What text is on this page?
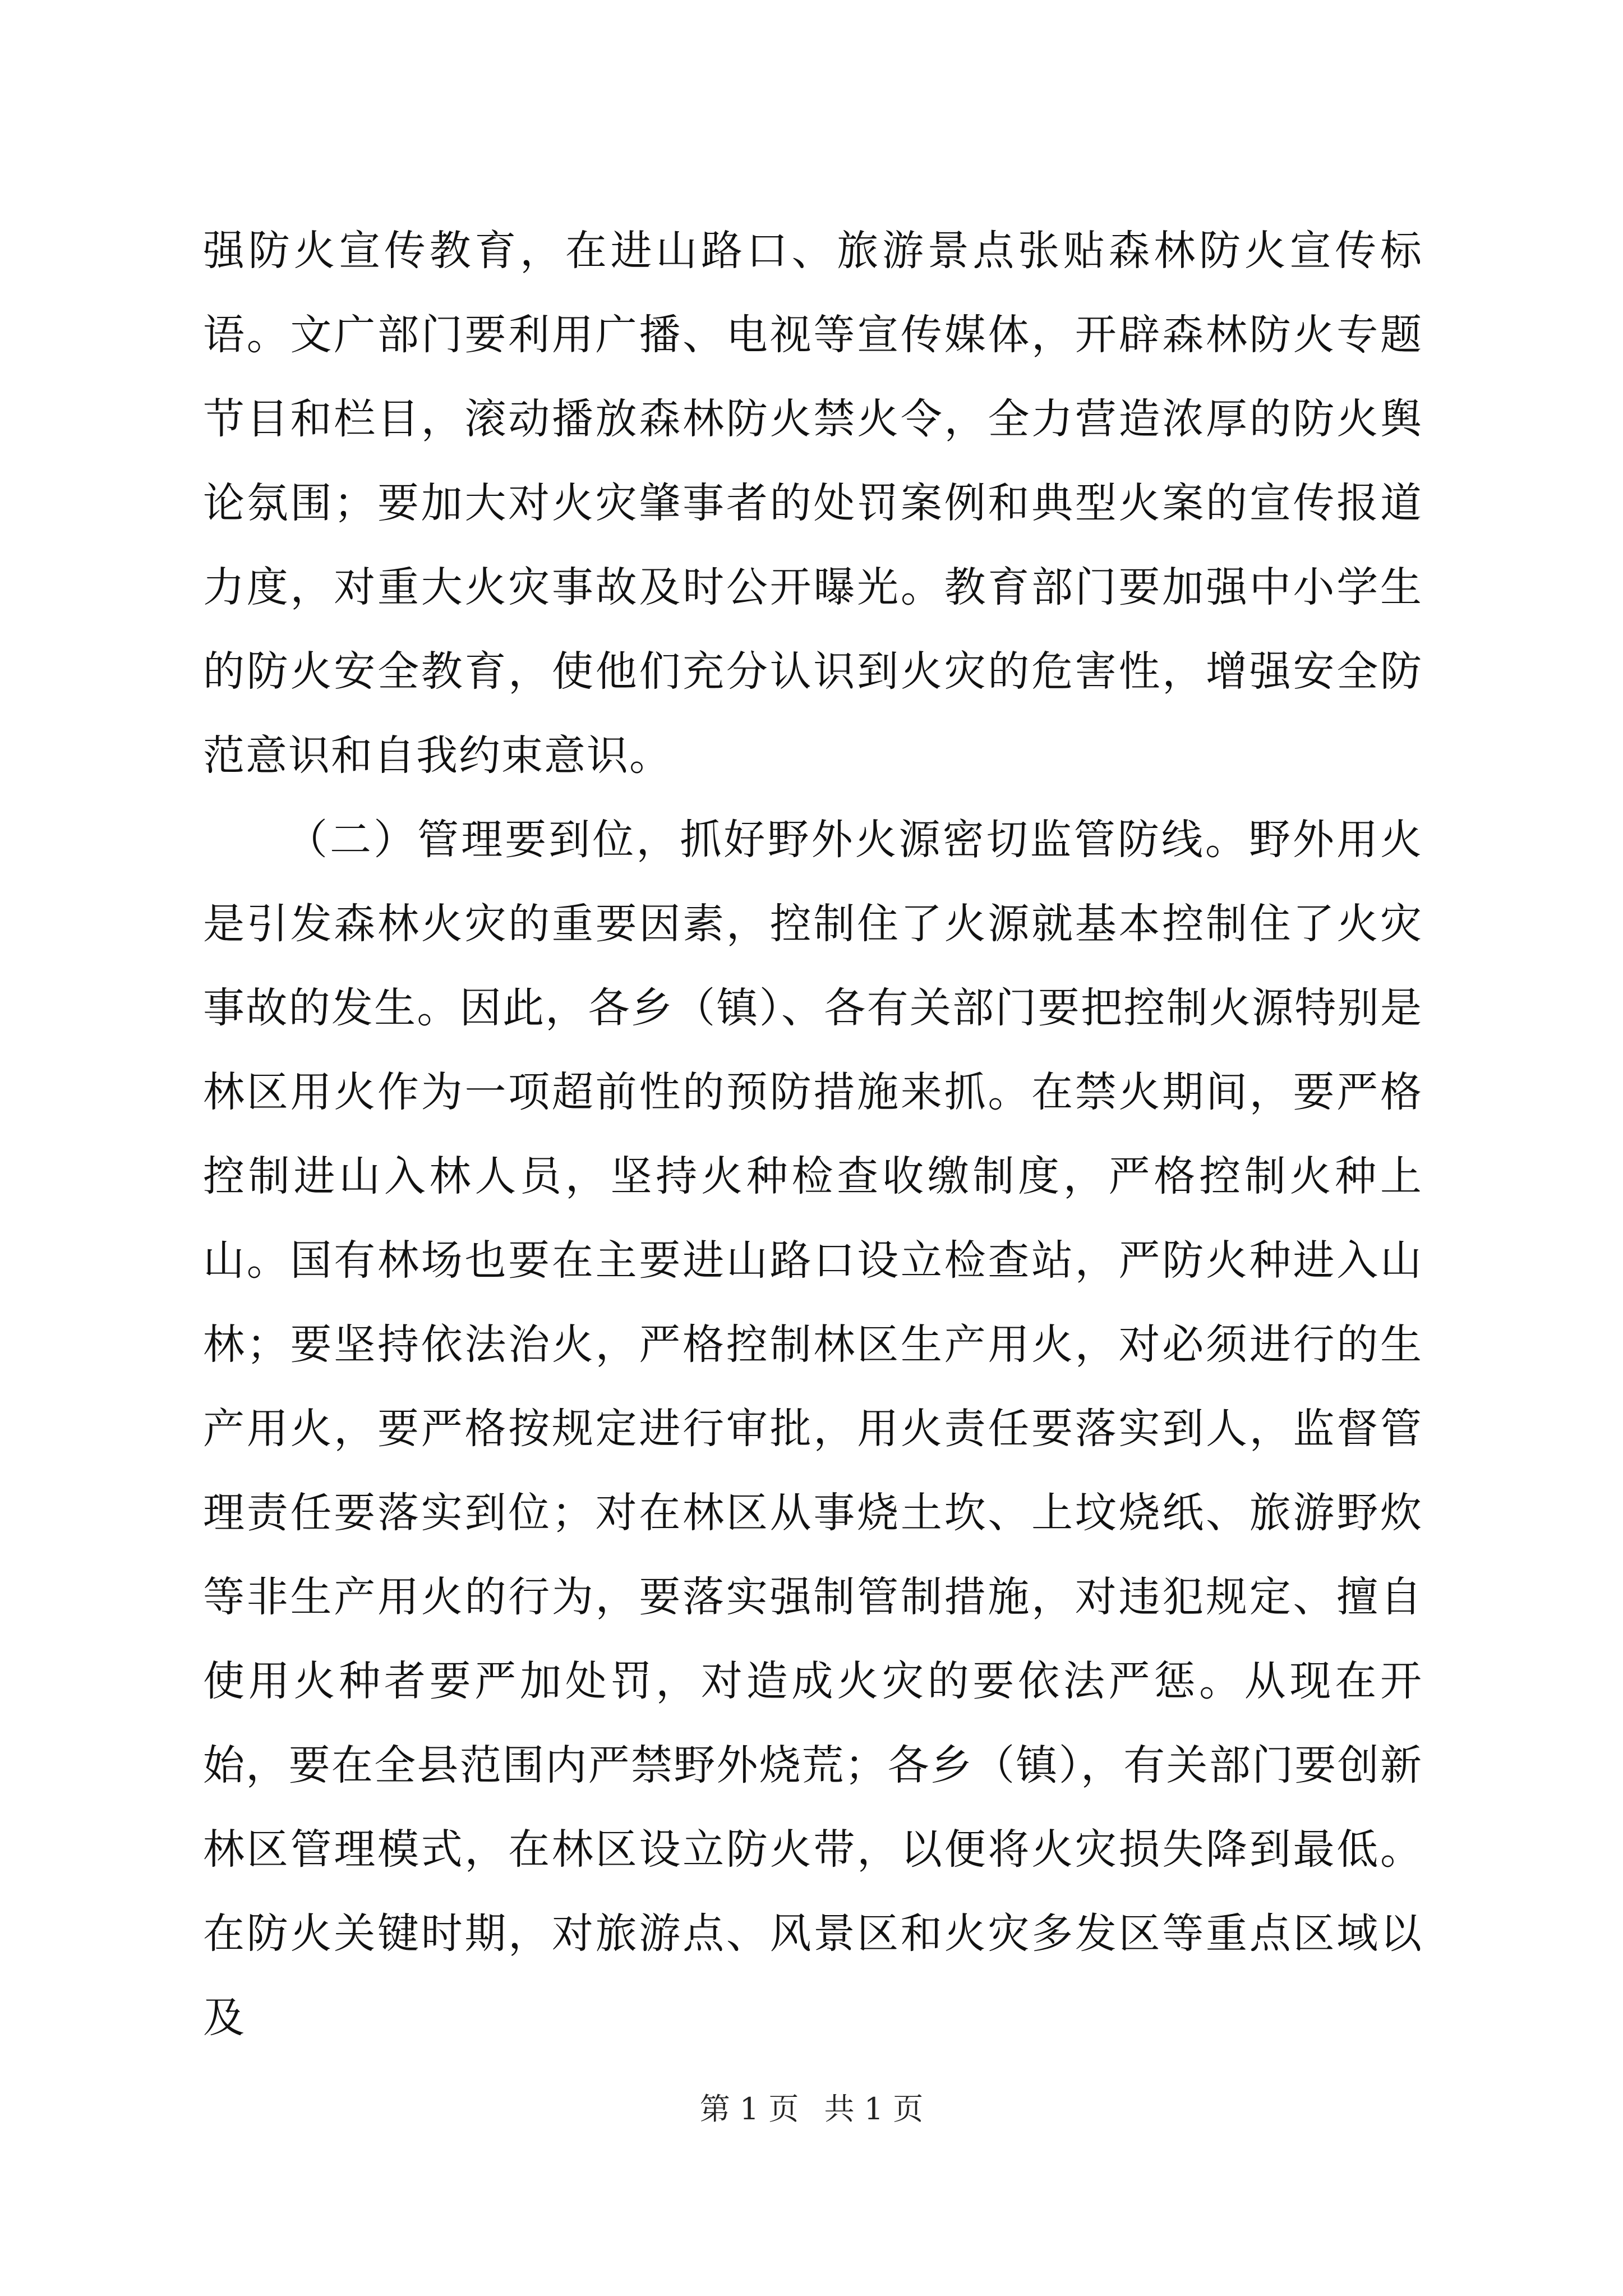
强防火宣传教育，在进山路口、旅游景点张贴森林防火宣传标语。文广部门要利用广播、电视等宣传媒体，开辟森林防火专题节目和栏目，滚动播放森林防火禁火令，全力营造浓厚的防火舆论氛围；要加大对火灾肇事者的处罚案例和典型火案的宣传报道力度，对重大火灾事故及时公开曝光。教育部门要加强中小学生的防火安全教育，使他们充分认识到火灾的危害性，增强安全防范意识和自我约束意识。

（二）管理要到位，抓好野外火源密切监管防线。野外用火是引发森林火灾的重要因素，控制住了火源就基本控制住了火灾事故的发生。因此，各乡（镇）、各有关部门要把控制火源特别是林区用火作为一项超前性的预防措施来抓。在禁火期间，要严格控制进山入林人员，坚持火种检查收缴制度，严格控制火种上山。国有林场也要在主要进山路口设立检查站，严防火种进入山林；要坚持依法治火，严格控制林区生产用火，对必须进行的生产用火，要严格按规定进行审批，用火责任要落实到人，监督管理责任要落实到位；对在林区从事烧土坎、上坟烧纸、旅游野炊等非生产用火的行为，要落实强制管制措施，对违犯规定、擅自使用火种者要严加处罚，对造成火灾的要依法严惩。从现在开始，要在全县范围内严禁野外烧荒；各乡（镇），有关部门要创新林区管理模式，在林区设立防火带，以便将火灾损失降到最低。在防火关键时期，对旅游点、风景区和火灾多发区等重点区域以及

第 1 页 共 1 页
